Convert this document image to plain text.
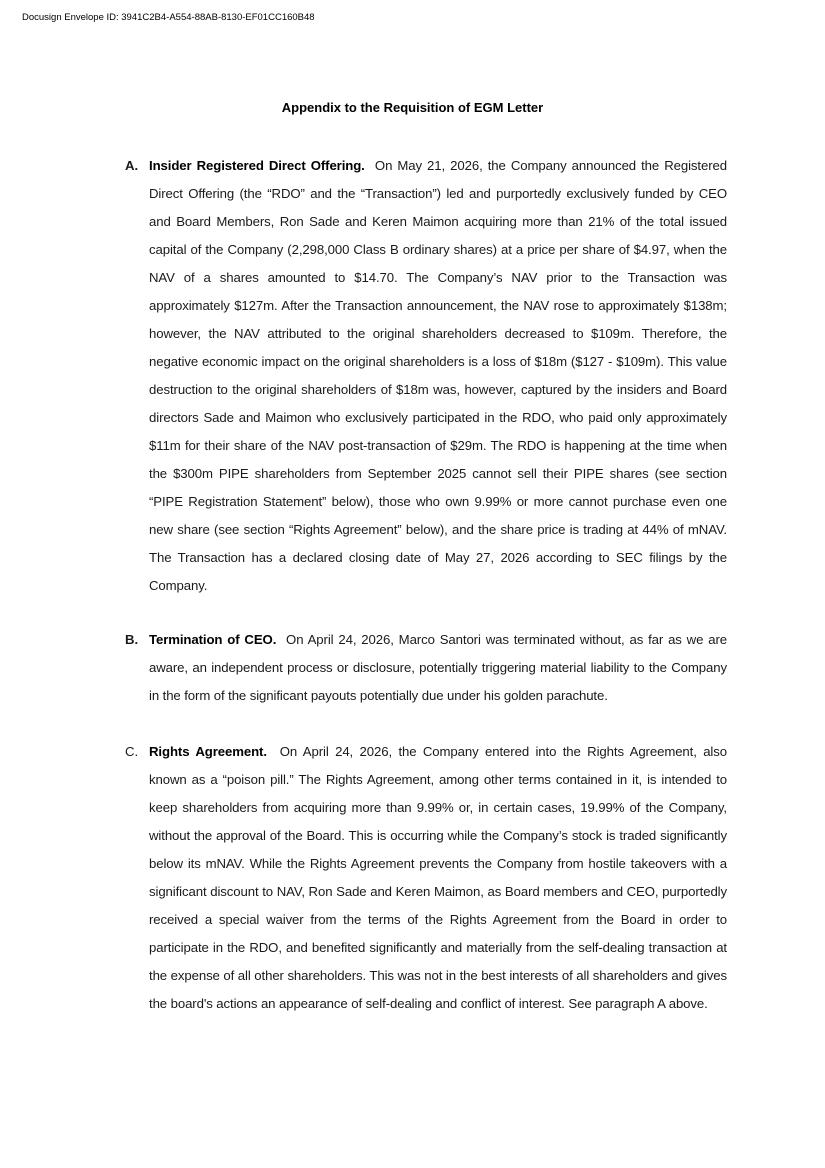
Docusign Envelope ID: 3941C2B4-A554-88AB-8130-EF01CC160B48
Appendix to the Requisition of EGM Letter
A. Insider Registered Direct Offering. On May 21, 2026, the Company announced the Registered Direct Offering (the “RDO” and the “Transaction”) led and purportedly exclusively funded by CEO and Board Members, Ron Sade and Keren Maimon acquiring more than 21% of the total issued capital of the Company (2,298,000 Class B ordinary shares) at a price per share of $4.97, when the NAV of a shares amounted to $14.70. The Company’s NAV prior to the Transaction was approximately $127m. After the Transaction announcement, the NAV rose to approximately $138m; however, the NAV attributed to the original shareholders decreased to $109m. Therefore, the negative economic impact on the original shareholders is a loss of $18m ($127 - $109m). This value destruction to the original shareholders of $18m was, however, captured by the insiders and Board directors Sade and Maimon who exclusively participated in the RDO, who paid only approximately $11m for their share of the NAV post-transaction of $29m. The RDO is happening at the time when the $300m PIPE shareholders from September 2025 cannot sell their PIPE shares (see section “PIPE Registration Statement” below), those who own 9.99% or more cannot purchase even one new share (see section “Rights Agreement” below), and the share price is trading at 44% of mNAV. The Transaction has a declared closing date of May 27, 2026 according to SEC filings by the Company.
B. Termination of CEO. On April 24, 2026, Marco Santori was terminated without, as far as we are aware, an independent process or disclosure, potentially triggering material liability to the Company in the form of the significant payouts potentially due under his golden parachute.
C. Rights Agreement. On April 24, 2026, the Company entered into the Rights Agreement, also known as a “poison pill.” The Rights Agreement, among other terms contained in it, is intended to keep shareholders from acquiring more than 9.99% or, in certain cases, 19.99% of the Company, without the approval of the Board. This is occurring while the Company’s stock is traded significantly below its mNAV. While the Rights Agreement prevents the Company from hostile takeovers with a significant discount to NAV, Ron Sade and Keren Maimon, as Board members and CEO, purportedly received a special waiver from the terms of the Rights Agreement from the Board in order to participate in the RDO, and benefited significantly and materially from the self-dealing transaction at the expense of all other shareholders. This was not in the best interests of all shareholders and gives the board's actions an appearance of self-dealing and conflict of interest. See paragraph A above.
